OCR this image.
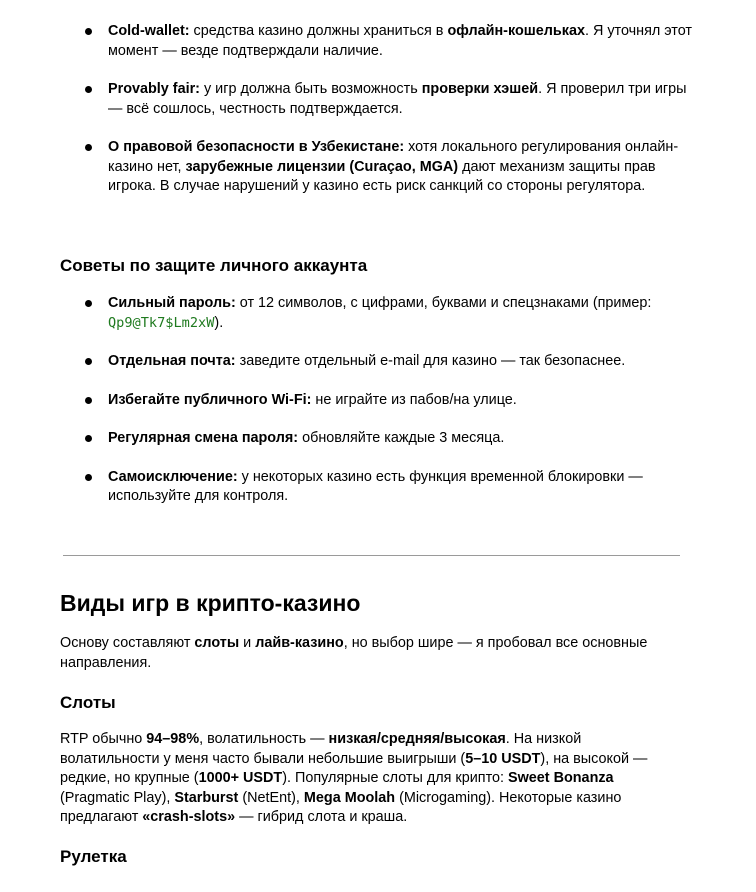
Cold-wallet: средства казино должны храниться в офлайн-кошельках. Я уточнял этот момент — везде подтверждали наличие.
Provably fair: у игр должна быть возможность проверки хэшей. Я проверил три игры — всё сошлось, честность подтверждается.
О правовой безопасности в Узбекистане: хотя локального регулирования онлайн-казино нет, зарубежные лицензии (Curaçao, MGA) дают механизм защиты прав игрока. В случае нарушений у казино есть риск санкций со стороны регулятора.
Советы по защите личного аккаунта
Сильный пароль: от 12 символов, с цифрами, буквами и спецзнаками (пример: Qp9@Tk7$Lm2xW).
Отдельная почта: заведите отдельный e-mail для казино — так безопаснее.
Избегайте публичного Wi-Fi: не играйте из пабов/на улице.
Регулярная смена пароля: обновляйте каждые 3 месяца.
Самоисключение: у некоторых казино есть функция временной блокировки — используйте для контроля.
Виды игр в крипто-казино

Основу составляют слоты и лайв-казино, но выбор шире — я пробовал все основные направления.

Слоты

RTP обычно 94–98%, волатильность — низкая/средняя/высокая. На низкой волатильности у меня часто бывали небольшие выигрыши (5–10 USDT), на высокой — редкие, но крупные (1000+ USDT). Популярные слоты для крипто: Sweet Bonanza (Pragmatic Play), Starburst (NetEnt), Mega Moolah (Microgaming). Некоторые казино предлагают «crash-slots» — гибрид слота и краша.

Рулетка
